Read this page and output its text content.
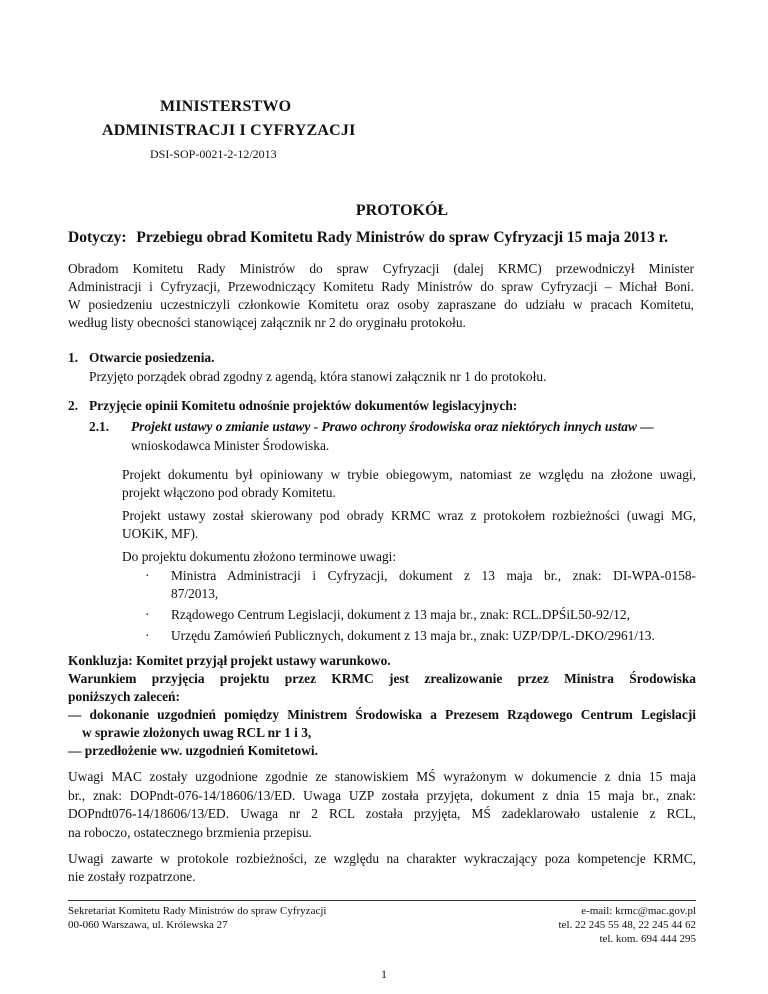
MINISTERSTWO
ADMINISTRACJI I CYFRYZACJI
DSI-SOP-0021-2-12/2013
PROTOKÓŁ
Dotyczy: Przebiegu obrad Komitetu Rady Ministrów do spraw Cyfryzacji 15 maja 2013 r.
Obradom Komitetu Rady Ministrów do spraw Cyfryzacji (dalej KRMC) przewodniczył Minister
Administracji i Cyfryzacji, Przewodniczący Komitetu Rady Ministrów do spraw Cyfryzacji – Michał Boni.
W posiedzeniu uczestniczyli członkowie Komitetu oraz osoby zapraszane do udziału w pracach Komitetu,
według listy obecności stanowiącej załącznik nr 2 do oryginału protokołu.
1. Otwarcie posiedzenia.
Przyjęto porządek obrad zgodny z agendą, która stanowi załącznik nr 1 do protokołu.
2. Przyjęcie opinii Komitetu odnośnie projektów dokumentów legislacyjnych:
2.1. Projekt ustawy o zmianie ustawy - Prawo ochrony środowiska oraz niektórych innych ustaw —
wnioskodawca Minister Środowiska.
Projekt dokumentu był opiniowany w trybie obiegowym, natomiast ze względu na złożone uwagi,
projekt włączono pod obrady Komitetu.
Projekt ustawy został skierowany pod obrady KRMC wraz z protokołem rozbieżności (uwagi MG,
UOKiK, MF).
Do projektu dokumentu złożono terminowe uwagi:
· Ministra Administracji i Cyfryzacji, dokument z 13 maja br., znak: DI-WPA-0158-
87/2013,
· Rządowego Centrum Legislacji, dokument z 13 maja br., znak: RCL.DPŚiL50-92/12,
· Urzędu Zamówień Publicznych, dokument z 13 maja br., znak: UZP/DP/L-DKO/2961/13.
Konkluzja: Komitet przyjął projekt ustawy warunkowo.
Warunkiem przyjęcia projektu przez KRMC jest zrealizowanie przez Ministra Środowiska
poniższych zaleceń:
— dokonanie uzgodnień pomiędzy Ministrem Środowiska a Prezesem Rządowego Centrum Legislacji
w sprawie złożonych uwag RCL nr 1 i 3,
— przedłożenie ww. uzgodnień Komitetowi.
Uwagi MAC zostały uzgodnione zgodnie ze stanowiskiem MŚ wyrażonym w dokumencie z dnia 15 maja
br., znak: DOPndt-076-14/18606/13/ED. Uwaga UZP została przyjęta, dokument z dnia 15 maja br., znak:
DOPndt076-14/18606/13/ED. Uwaga nr 2 RCL została przyjęta, MŚ zadeklarowało ustalenie z RCL,
na roboczo, ostatecznego brzmienia przepisu.
Uwagi zawarte w protokole rozbieżności, ze względu na charakter wykraczający poza kompetencje KRMC,
nie zostały rozpatrzone.
Sekretariat Komitetu Rady Ministrów do spraw Cyfryzacji
00-060 Warszawa, ul. Królewska 27
e-mail: krmc@mac.gov.pl
tel. 22 245 55 48, 22 245 44 62
tel. kom. 694 444 295
1
